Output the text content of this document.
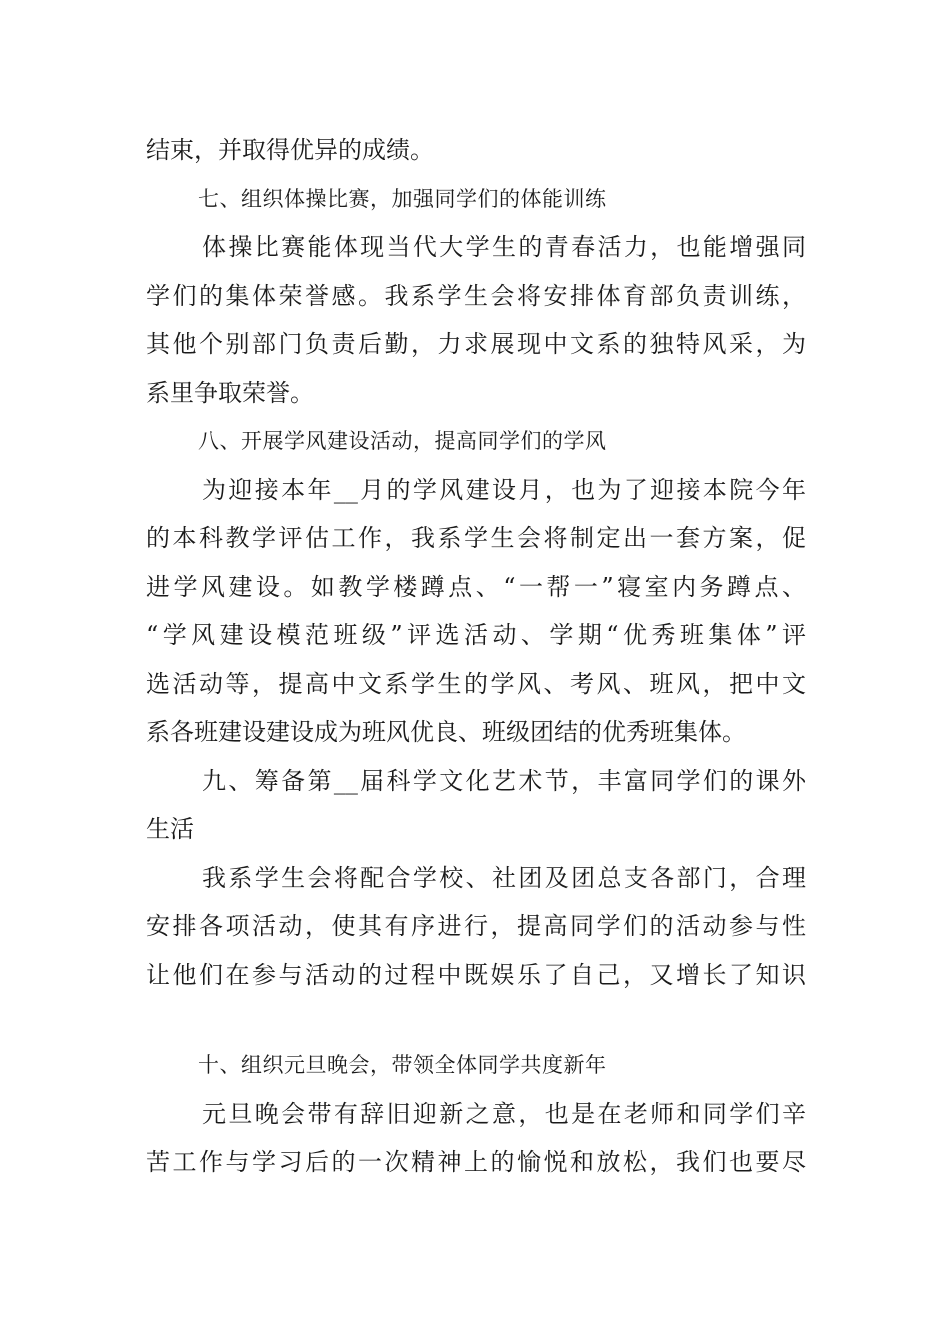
结束，并取得优异的成绩。

七、组织体操比赛，加强同学们的体能训练

体操比赛能体现当代大学生的青春活力，也能增强同

学们的集体荣誉感。我系学生会将安排体育部负责训练，

其他个别部门负责后勤，力求展现中文系的独特风采，为

系里争取荣誉。

八、开展学风建设活动，提高同学们的学风

为迎接本年__月的学风建设月，也为了迎接本院今年

的本科教学评估工作，我系学生会将制定出一套方案，促

进学风建设。如教学楼蹲点、“一帮一”寝室内务蹲点、

“学风建设模范班级”评选活动、学期“优秀班集体”评

选活动等，提高中文系学生的学风、考风、班风，把中文

系各班建设建设成为班风优良、班级团结的优秀班集体。

九、筹备第__届科学文化艺术节，丰富同学们的课外

生活

我系学生会将配合学校、社团及团总支各部门，合理

安排各项活动，使其有序进行，提高同学们的活动参与性

让他们在参与活动的过程中既娱乐了自己，又增长了知识

十、组织元旦晚会，带领全体同学共度新年

元旦晚会带有辞旧迎新之意，也是在老师和同学们辛

苦工作与学习后的一次精神上的愉悦和放松，我们也要尽
